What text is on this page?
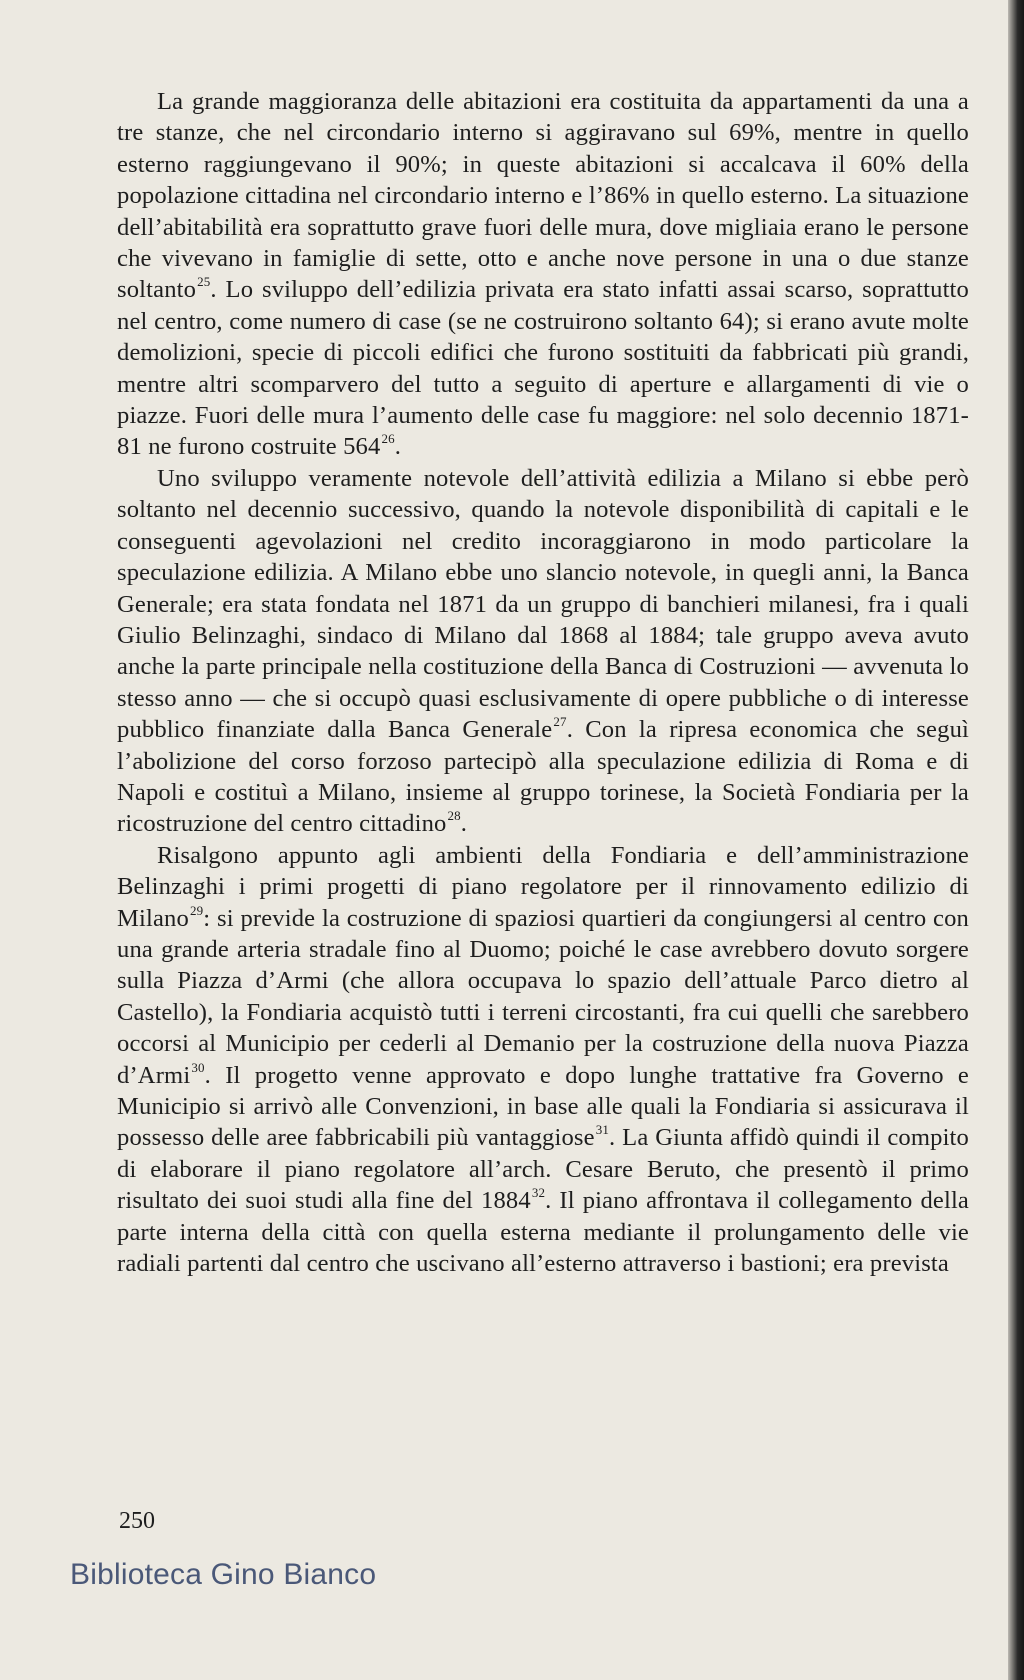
La grande maggioranza delle abitazioni era costituita da appartamenti da una a tre stanze, che nel circondario interno si aggiravano sul 69%, mentre in quello esterno raggiungevano il 90%; in queste abitazioni si accalcava il 60% della popolazione cittadina nel circondario interno e l’86% in quello esterno. La situazione dell’abitabilità era soprattutto grave fuori delle mura, dove migliaia erano le persone che vivevano in famiglie di sette, otto e anche nove persone in una o due stanze soltanto$^{25}$. Lo sviluppo dell’edilizia privata era stato infatti assai scarso, soprattutto nel centro, come numero di case (se ne costruirono soltanto 64); si erano avute molte demolizioni, specie di piccoli edifici che furono sostituiti da fabbricati più grandi, mentre altri scomparvero del tutto a seguito di aperture e allargamenti di vie o piazze. Fuori delle mura l’aumento delle case fu maggiore: nel solo decennio 1871-81 ne furono costruite $564^{26}$.

Uno sviluppo veramente notevole dell’attività edilizia a Milano si ebbe però soltanto nel decennio successivo, quando la notevole disponibilità di capitali e le conseguenti agevolazioni nel credito incoraggiarono in modo particolare la speculazione edilizia. A Milano ebbe uno slancio notevole, in quegli anni, la Banca Generale; era stata fondata nel 1871 da un gruppo di banchieri milanesi, fra i quali Giulio Belinzaghi, sindaco di Milano dal 1868 al 1884; tale gruppo aveva avuto anche la parte principale nella costituzione della Banca di Costruzioni — avvenuta lo stesso anno — che si occupò quasi esclusivamente di opere pubbliche o di interesse pubblico finanziate dalla Banca Generale$^{27}$. Con la ripresa economica che seguì l’abolizione del corso forzoso partecipò alla speculazione edilizia di Roma e di Napoli e costituì a Milano, insieme al gruppo torinese, la Società Fondiaria per la ricostruzione del centro cittadino$^{28}$.

Risalgono appunto agli ambienti della Fondiaria e dell’amministrazione Belinzaghi i primi progetti di piano regolatore per il rinnovamento edilizio di Milano$^{29}$: si previde la costruzione di spaziosi quartieri da congiungersi al centro con una grande arteria stradale fino al Duomo; poiché le case avrebbero dovuto sorgere sulla Piazza d’Armi (che allora occupava lo spazio dell’attuale Parco dietro al Castello), la Fondiaria acquistò tutti i terreni circostanti, fra cui quelli che sarebbero occorsi al Municipio per cederli al Demanio per la costruzione della nuova Piazza d’Armi$^{30}$. Il progetto venne approvato e dopo lunghe trattative fra Governo e Municipio si arrivò alle Convenzioni, in base alle quali la Fondiaria si assicurava il possesso delle aree fabbricabili più vantaggiose$^{31}$. La Giunta affidò quindi il compito di elaborare il piano regolatore all’arch. Cesare Beruto, che presentò il primo risultato dei suoi studi alla fine del 1884$^{32}$. Il piano affrontava il collegamento della parte interna della città con quella esterna mediante il prolungamento delle vie radiali partenti dal centro che uscivano all’esterno attraverso i bastioni; era prevista

250
Biblioteca Gino Bianco
